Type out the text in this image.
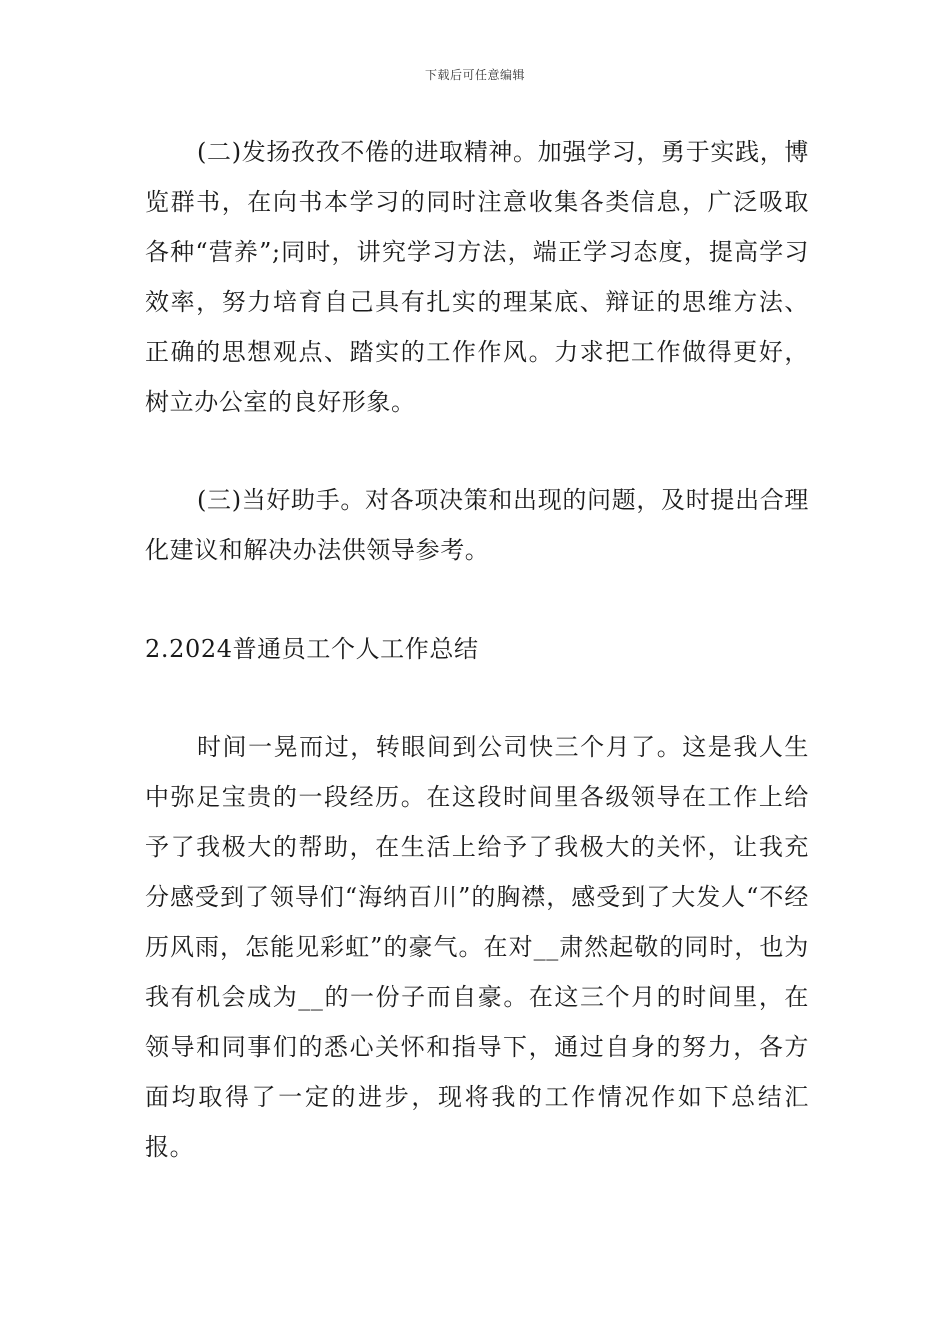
下载后可任意编辑

(二)发扬孜孜不倦的进取精神。加强学习，勇于实践，博览群书，在向书本学习的同时注意收集各类信息，广泛吸取各种“营养”;同时，讲究学习方法，端正学习态度，提高学习效率，努力培育自己具有扎实的理某底、辩证的思维方法、正确的思想观点、踏实的工作作风。力求把工作做得更好，树立办公室的良好形象。

(三)当好助手。对各项决策和出现的问题，及时提出合理化建议和解决办法供领导参考。

2.2024普通员工个人工作总结

时间一晃而过，转眼间到公司快三个月了。这是我人生中弥足宝贵的一段经历。在这段时间里各级领导在工作上给予了我极大的帮助，在生活上给予了我极大的关怀，让我充分感受到了领导们“海纳百川”的胸襟，感受到了大发人“不经历风雨，怎能见彩虹”的豪气。在对__肃然起敬的同时，也为我有机会成为__的一份子而自豪。在这三个月的时间里，在领导和同事们的悉心关怀和指导下，通过自身的努力，各方面均取得了一定的进步，现将我的工作情况作如下总结汇报。
